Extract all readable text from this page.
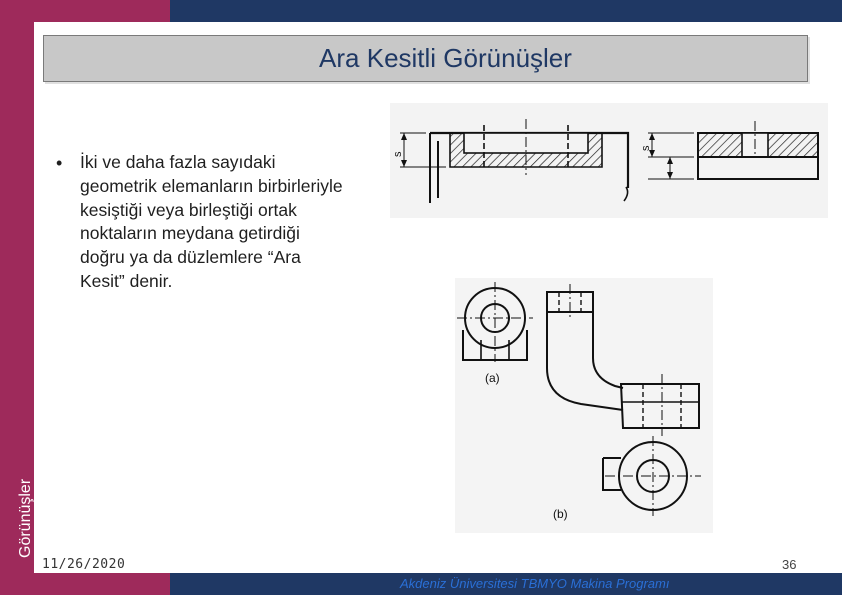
Görünüşler
Ara Kesitli Görünüşler
•	İki ve daha fazla sayıdaki geometrik elemanların birbirleriyle kesiştiği veya birleştiği ortak noktaların meydana getirdiği doğru ya da düzlemlere “Ara Kesit” denir.
s
s
(a)
(b)
11/26/2020	36
Akdeniz Üniversitesi TBMYO Makina Programı
